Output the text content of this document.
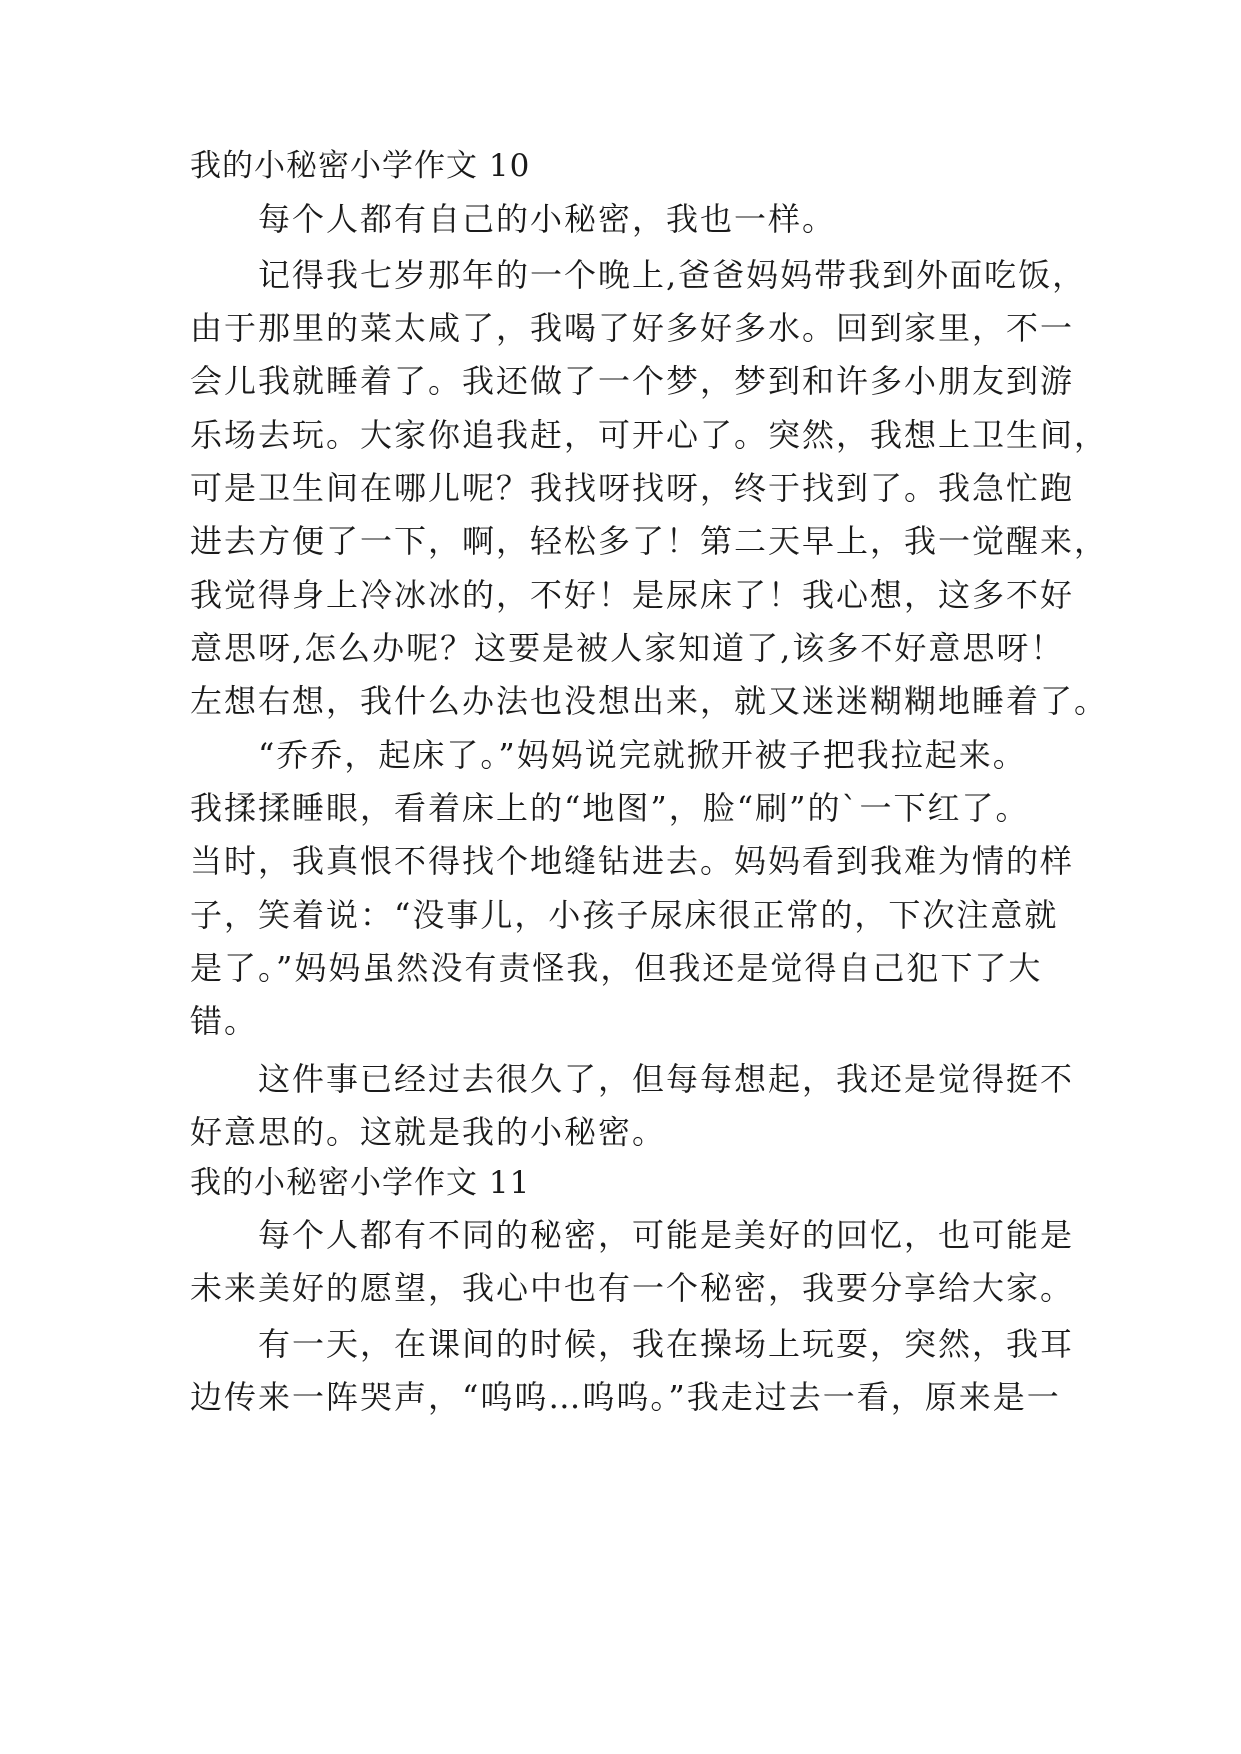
我的小秘密小学作文 10
　　每个人都有自己的小秘密，我也一样。
　　记得我七岁那年的一个晚上,爸爸妈妈带我到外面吃饭，
由于那里的菜太咸了，我喝了好多好多水。回到家里，不一
会儿我就睡着了。我还做了一个梦，梦到和许多小朋友到游
乐场去玩。大家你追我赶，可开心了。突然，我想上卫生间，
可是卫生间在哪儿呢？我找呀找呀，终于找到了。我急忙跑
进去方便了一下，啊，轻松多了！第二天早上，我一觉醒来，
我觉得身上冷冰冰的，不好！是尿床了！我心想，这多不好
意思呀,怎么办呢？这要是被人家知道了,该多不好意思呀！
左想右想，我什么办法也没想出来，就又迷迷糊糊地睡着了。
　　“乔乔，起床了。”妈妈说完就掀开被子把我拉起来。
我揉揉睡眼，看着床上的“地图”，脸“刷”的`一下红了。
当时，我真恨不得找个地缝钻进去。妈妈看到我难为情的样
子，笑着说：“没事儿，小孩子尿床很正常的，下次注意就
是了。”妈妈虽然没有责怪我，但我还是觉得自己犯下了大
错。
　　这件事已经过去很久了，但每每想起，我还是觉得挺不
好意思的。这就是我的小秘密。
我的小秘密小学作文 11
　　每个人都有不同的秘密，可能是美好的回忆，也可能是
未来美好的愿望，我心中也有一个秘密，我要分享给大家。
　　有一天，在课间的时候，我在操场上玩耍，突然，我耳
边传来一阵哭声，“呜呜…呜呜。”我走过去一看，原来是一
